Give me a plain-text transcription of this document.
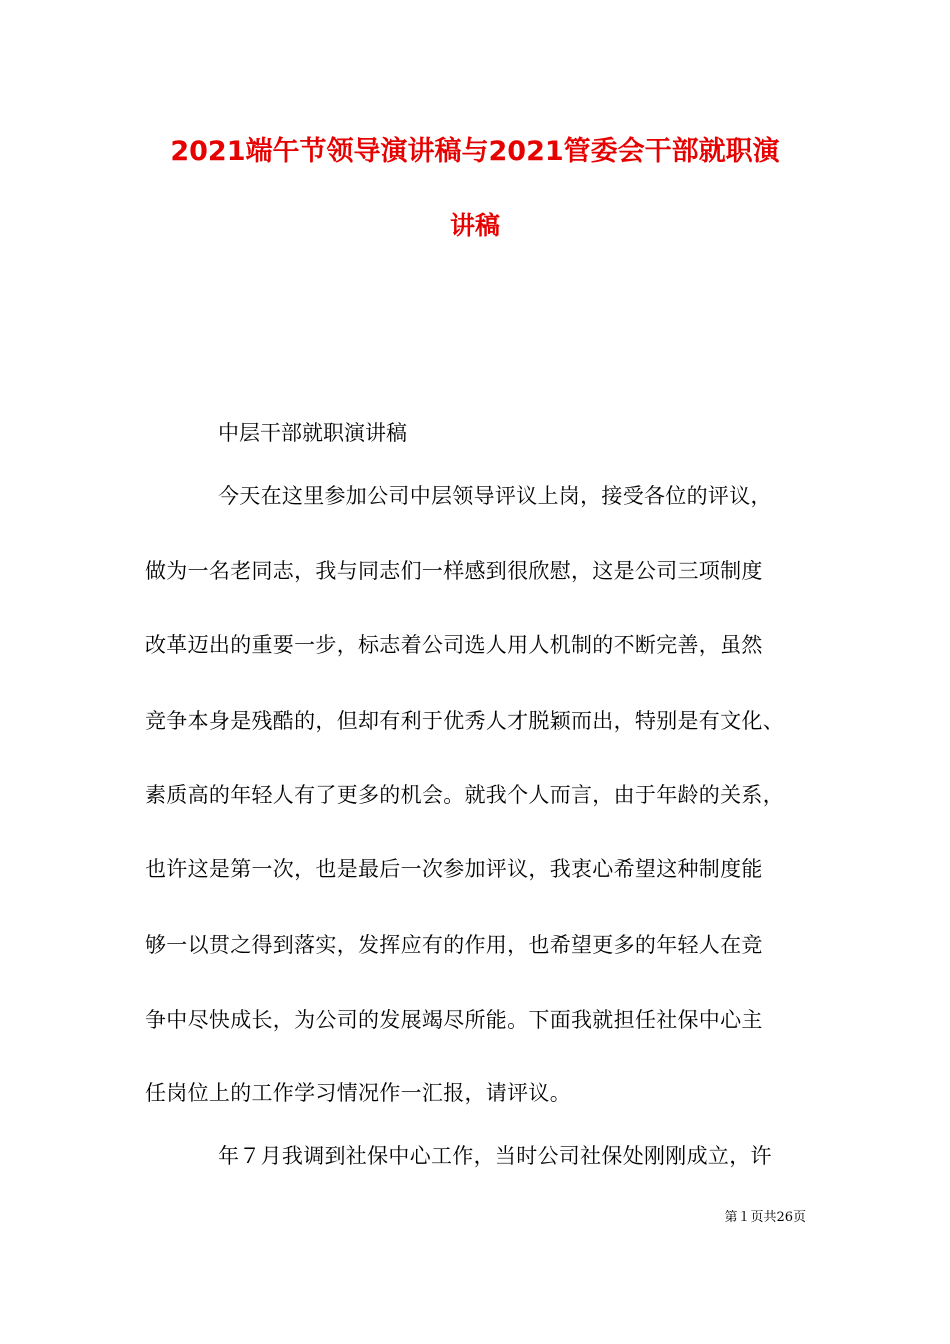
2021端午节领导演讲稿与2021管委会干部就职演
讲稿
中层干部就职演讲稿
今天在这里参加公司中层领导评议上岗，接受各位的评议，
做为一名老同志，我与同志们一样感到很欣慰，这是公司三项制度
改革迈出的重要一步，标志着公司选人用人机制的不断完善，虽然
竞争本身是残酷的，但却有利于优秀人才脱颖而出，特别是有文化、
素质高的年轻人有了更多的机会。就我个人而言，由于年龄的关系，
也许这是第一次，也是最后一次参加评议，我衷心希望这种制度能
够一以贯之得到落实，发挥应有的作用，也希望更多的年轻人在竞
争中尽快成长，为公司的发展竭尽所能。下面我就担任社保中心主
任岗位上的工作学习情况作一汇报，请评议。
年７月我调到社保中心工作，当时公司社保处刚刚成立，许
第１页共26页
